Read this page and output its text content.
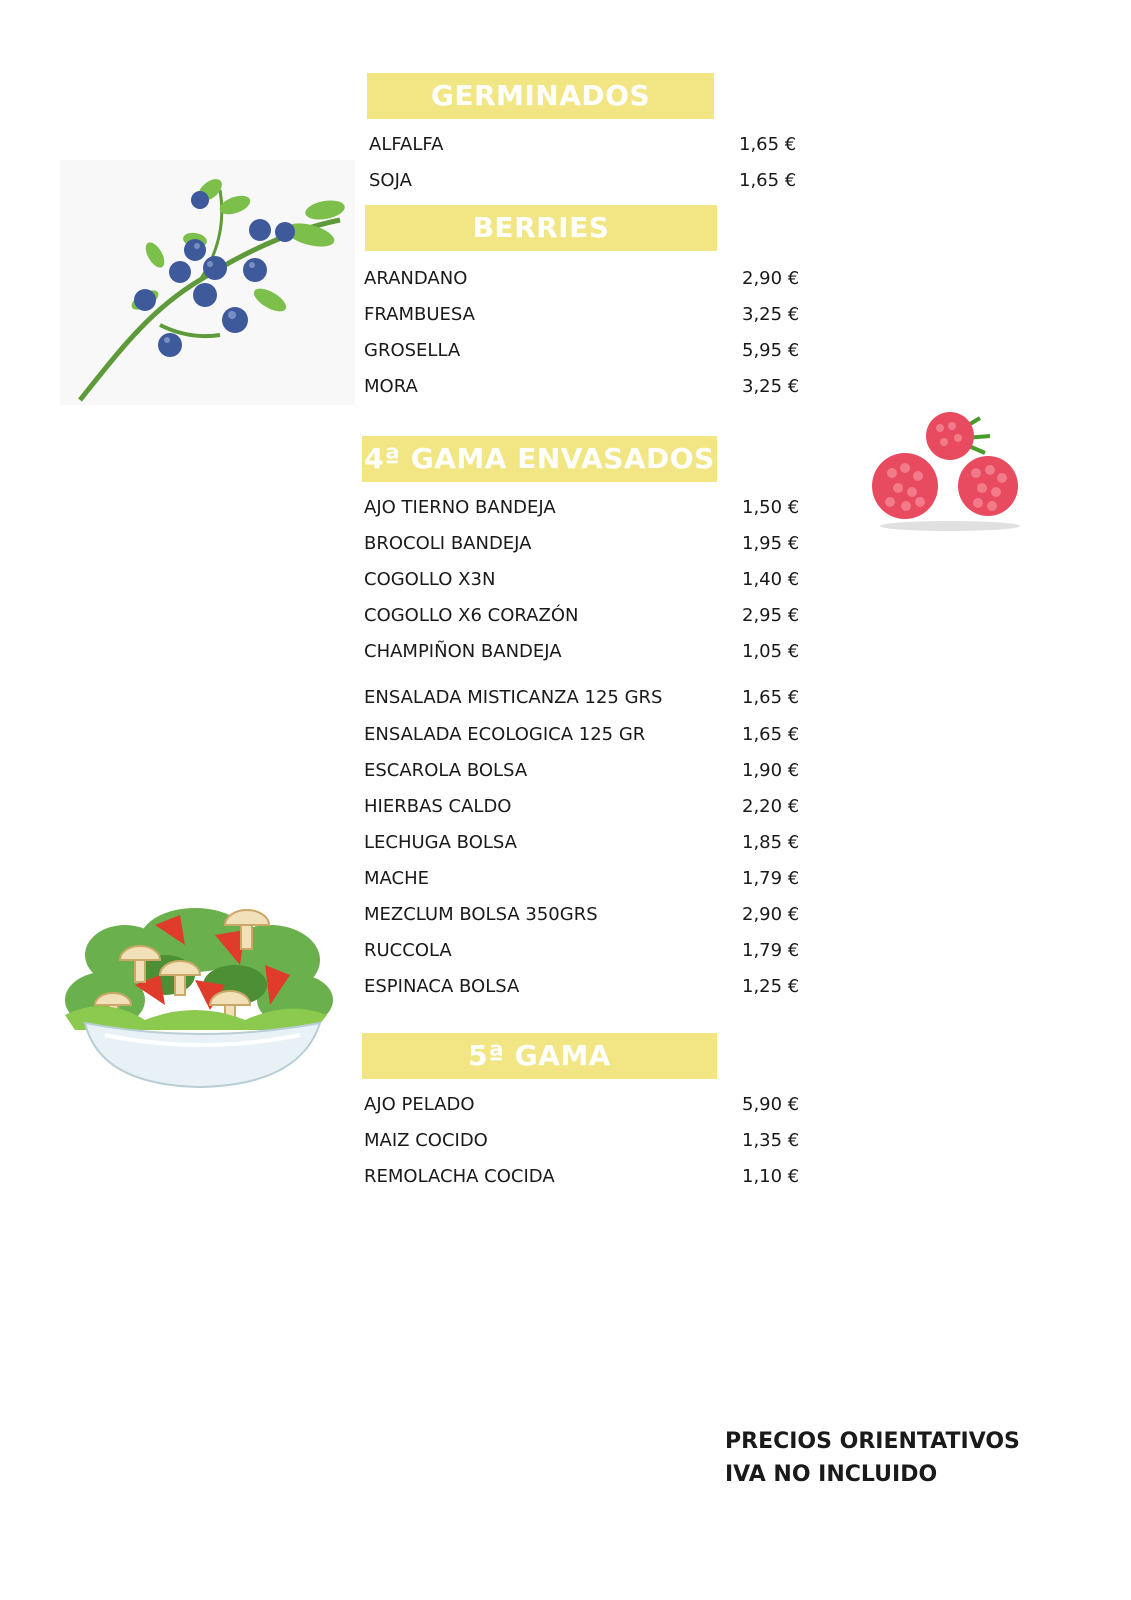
GERMINADOS
ALFALFA	1,65 €
SOJA	1,65 €
BERRIES
ARANDANO	2,90 €
FRAMBUESA	3,25 €
GROSELLA	5,95 €
MORA	3,25 €
4ª GAMA ENVASADOS
AJO TIERNO BANDEJA	1,50 €
BROCOLI BANDEJA	1,95 €
COGOLLO X3N	1,40 €
COGOLLO X6 CORAZÓN	2,95 €
CHAMPIÑON BANDEJA	1,05 €
ENSALADA MISTICANZA 125 GRS	1,65 €
ENSALADA ECOLOGICA 125 GR	1,65 €
ESCAROLA BOLSA	1,90 €
HIERBAS CALDO	2,20 €
LECHUGA BOLSA	1,85 €
MACHE	1,79 €
MEZCLUM BOLSA 350GRS	2,90 €
RUCCOLA	1,79 €
ESPINACA BOLSA	1,25 €
5ª GAMA
AJO PELADO	5,90 €
MAIZ COCIDO	1,35 €
REMOLACHA COCIDA	1,10 €
PRECIOS ORIENTATIVOS
IVA NO INCLUIDO
